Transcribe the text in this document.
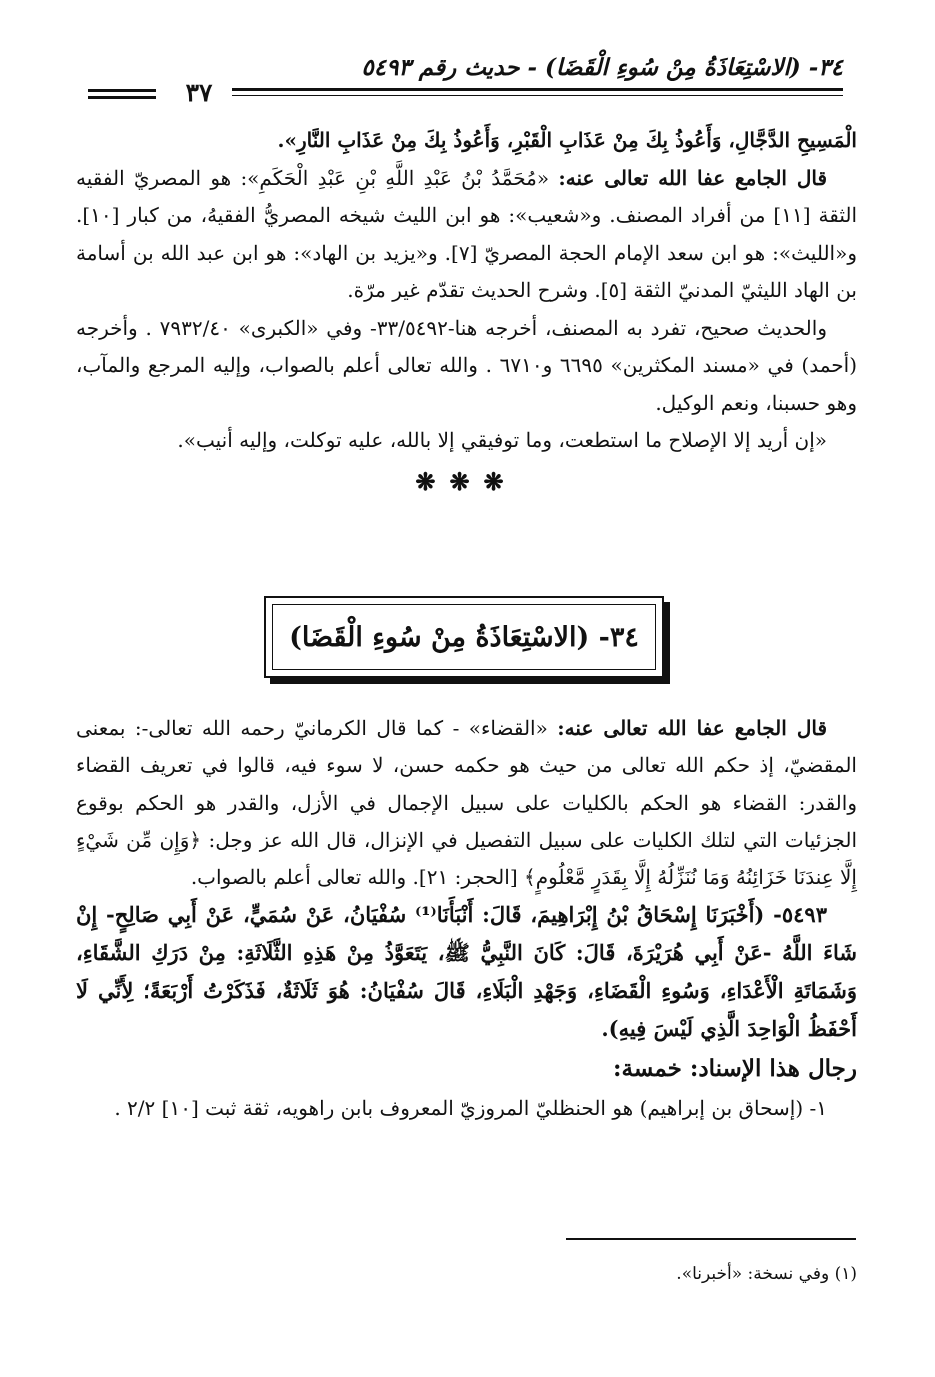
٣٤- (الاسْتِعَاذَةُ مِنْ سُوءِ الْقَضَا) - حديث رقم ٥٤٩٣
٣٧

الْمَسِيحِ الدَّجَّالِ، وَأَعُوذُ بِكَ مِنْ عَذَابِ الْقَبْرِ، وَأَعُوذُ بِكَ مِنْ عَذَابِ النَّارِ».

قال الجامع عفا الله تعالى عنه: «مُحَمَّدُ بْنُ عَبْدِ اللَّهِ بْنِ عَبْدِ الْحَكَمِ»: هو المصريّ الفقيه الثقة [١١] من أفراد المصنف. و«شعيب»: هو ابن الليث شيخه المصريُّ الفقيهُ، من كبار [١٠]. و«الليث»: هو ابن سعد الإمام الحجة المصريّ [٧]. و«يزيد بن الهاد»: هو ابن عبد الله بن أسامة بن الهاد الليثيّ المدنيّ الثقة [٥]. وشرح الحديث تقدّم غير مرّة.

والحديث صحيح، تفرد به المصنف، أخرجه هنا-٣٣/٥٤٩٢- وفي «الكبرى» ٧٩٣٢/٤٠ . وأخرجه (أحمد) في «مسند المكثرين» ٦٦٩٥ و٦٧١٠ . والله تعالى أعلم بالصواب، وإليه المرجع والمآب، وهو حسبنا، ونعم الوكيل.

«إن أريد إلا الإصلاح ما استطعت، وما توفيقي إلا بالله، عليه توكلت، وإليه أنيب».

❋❋❋

٣٤- (الاسْتِعَاذَةُ مِنْ سُوءِ الْقَضَا)

قال الجامع عفا الله تعالى عنه: «القضاء» - كما قال الكرمانيّ رحمه الله تعالى-: بمعنى المقضيّ، إذ حكم الله تعالى من حيث هو حكمه حسن، لا سوء فيه، قالوا في تعريف القضاء والقدر: القضاء هو الحكم بالكليات على سبيل الإجمال في الأزل، والقدر هو الحكم بوقوع الجزئيات التي لتلك الكليات على سبيل التفصيل في الإنزال، قال الله عز وجل: ﴿وَإِن مِّن شَيْءٍ إِلَّا عِندَنَا خَزَائِنُهُ وَمَا نُنَزِّلُهُ إِلَّا بِقَدَرٍ مَّعْلُومٍ﴾ [الحجر: ٢١]. والله تعالى أعلم بالصواب.

٥٤٩٣- (أَخْبَرَنَا إِسْحَاقُ بْنُ إِبْرَاهِيمَ، قَالَ: أَنْبَأَنَا⁽¹⁾ سُفْيَانُ، عَنْ سُمَيٍّ، عَنْ أَبِي صَالِحٍ- إِنْ شَاءَ اللَّهُ -عَنْ أَبِي هُرَيْرَةَ، قَالَ: كَانَ النَّبِيُّ ﷺ، يَتَعَوَّذُ مِنْ هَذِهِ الثَّلَاثَةِ: مِنْ دَرَكِ الشَّقَاءِ، وَشَمَاتَةِ الْأَعْدَاءِ، وَسُوءِ الْقَضَاءِ، وَجَهْدِ الْبَلَاءِ، قَالَ سُفْيَانُ: هُوَ ثَلَاثَةٌ، فَذَكَرْتُ أَرْبَعَةً؛ لِأَنِّي لَا أَحْفَظُ الْوَاحِدَ الَّذِي لَيْسَ فِيهِ).

رجال هذا الإسناد: خمسة:

١- (إسحاق بن إبراهيم) هو الحنظليّ المروزيّ المعروف بابن راهويه، ثقة ثبت [١٠] ٢/٢ .

(١) وفي نسخة: «أخبرنا».
